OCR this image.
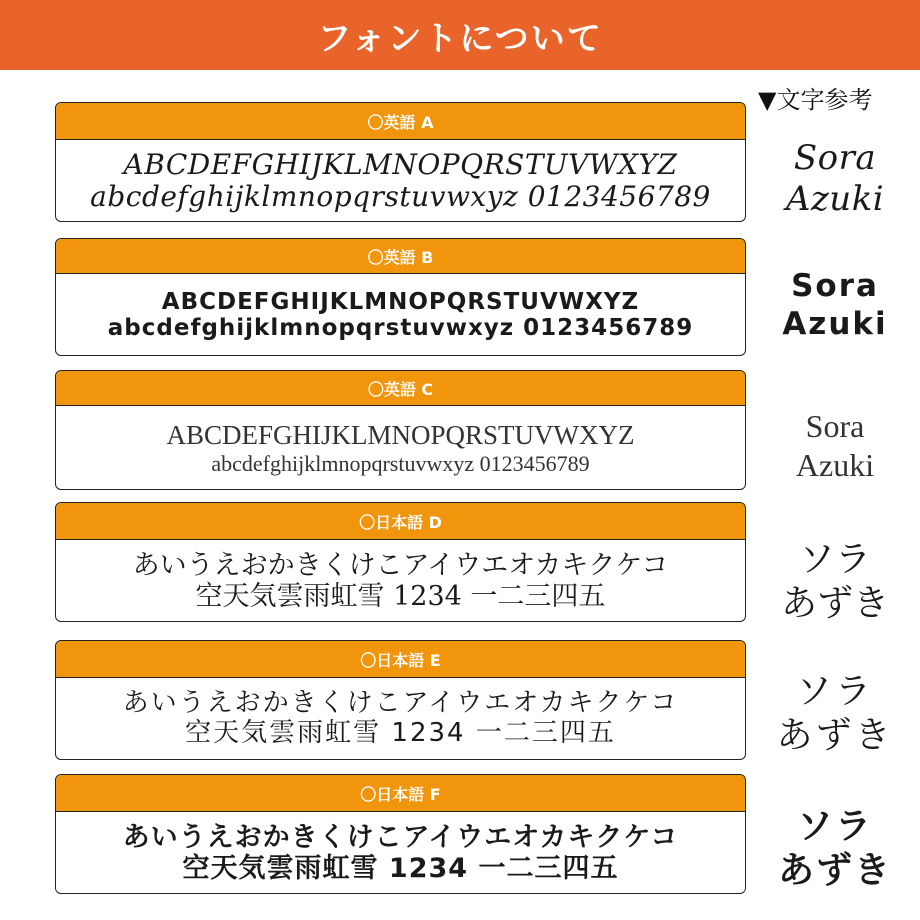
フォントについて
▼文字参考
〇英語 A
ABCDEFGHIJKLMNOPQRSTUVWXYZ
abcdefghijklmnopqrstuvwxyz 0123456789
Sora
Azuki
〇英語 B
ABCDEFGHIJKLMNOPQRSTUVWXYZ
abcdefghijklmnopqrstuvwxyz 0123456789
Sora
Azuki
〇英語 C
ABCDEFGHIJKLMNOPQRSTUVWXYZ
abcdefghijklmnopqrstuvwxyz 0123456789
Sora
Azuki
〇日本語 D
あいうえおかきくけこアイウエオカキクケコ
空天気雲雨虹雪 1234 一二三四五
ソラ
あずき
〇日本語 E
あいうえおかきくけこアイウエオカキクケコ
空天気雲雨虹雪 1234 一二三四五
ソラ
あずき
〇日本語 F
あいうえおかきくけこアイウエオカキクケコ
空天気雲雨虹雪 1234 一二三四五
ソラ
あずき
